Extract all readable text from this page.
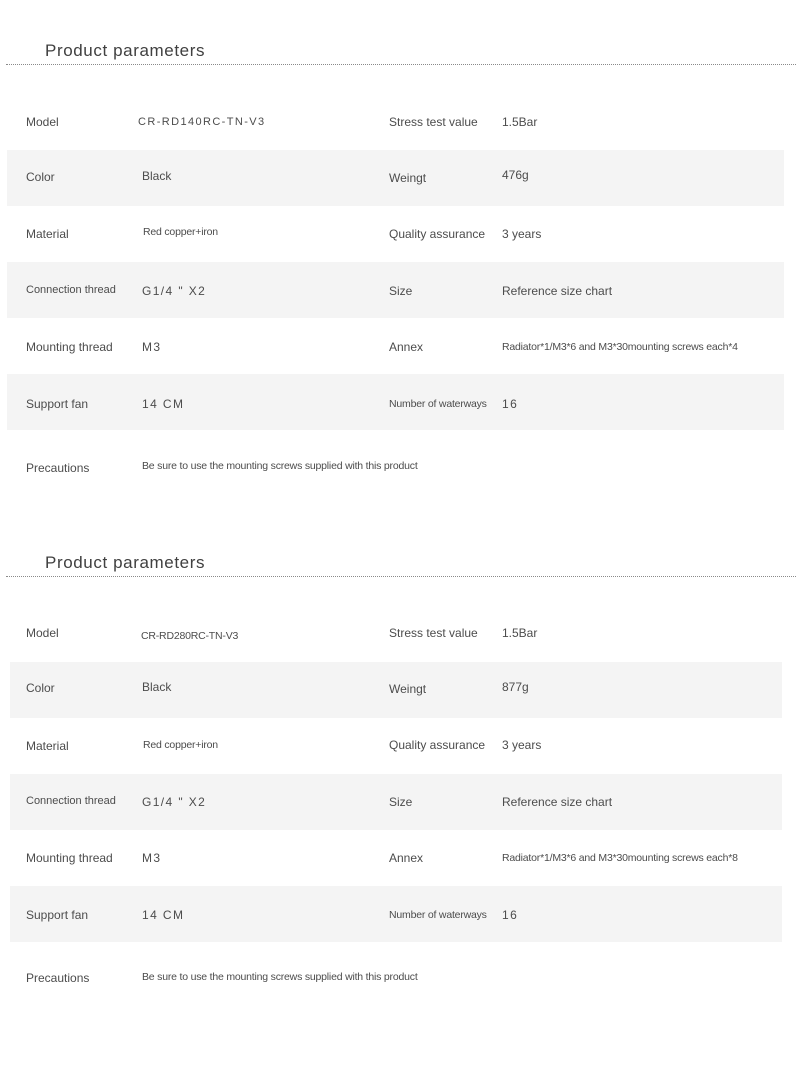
Product parameters
Model	CR-RD140RC-TN-V3	Stress test value 1.5Bar
Color	Black	Weingt	476g
Material	Red copper+iron	Quality assurance 3 years
Connection thread G1/4 " X2	Size	Reference size chart
Mounting thread M3	Annex	Radiator*1/M3*6 and M3*30mounting screws each*4
Support fan	14 CM	Number of waterways 16
Precautions	Be sure to use the mounting screws supplied with this product
Product parameters
Model	CR-RD280RC-TN-V3	Stress test value 1.5Bar
Color	Black	Weingt	877g
Material	Red copper+iron	Quality assurance 3 years
Connection thread G1/4 " X2	Size	Reference size chart
Mounting thread M3	Annex	Radiator*1/M3*6 and M3*30mounting screws each*8
Support fan	14 CM	Number of waterways 16
Precautions	Be sure to use the mounting screws supplied with this product
